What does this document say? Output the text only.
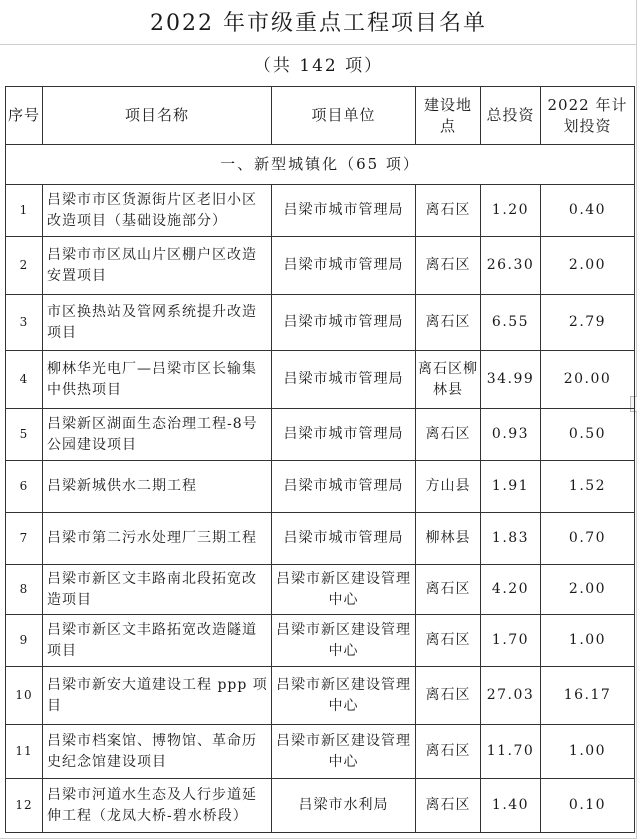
2022 年市级重点工程项目名单
（共 142 项）
序号	项目名称	项目单位	建设地点	总投资	2022 年计划投资
一、新型城镇化（65 项）					
1	吕梁市市区货源街片区老旧小区改造项目（基础设施部分）	吕梁市城市管理局	离石区	1.20	0.40
2	吕梁市市区凤山片区棚户区改造安置项目	吕梁市城市管理局	离石区	26.30	2.00
3	市区换热站及管网系统提升改造项目	吕梁市城市管理局	离石区	6.55	2.79
4	柳林华光电厂—吕梁市区长输集中供热项目	吕梁市城市管理局	离石区柳林县	34.99	20.00
5	吕梁新区湖面生态治理工程-8号公园建设项目	吕梁市城市管理局	离石区	0.93	0.50
6	吕梁新城供水二期工程	吕梁市城市管理局	方山县	1.91	1.52
7	吕梁市第二污水处理厂三期工程	吕梁市城市管理局	柳林县	1.83	0.70
8	吕梁市新区文丰路南北段拓宽改造项目	吕梁市新区建设管理中心	离石区	4.20	2.00
9	吕梁市新区文丰路拓宽改造隧道项目	吕梁市新区建设管理中心	离石区	1.70	1.00
10	吕梁市新安大道建设工程 ppp 项目	吕梁市新区建设管理中心	离石区	27.03	16.17
11	吕梁市档案馆、博物馆、革命历史纪念馆建设项目	吕梁市新区建设管理中心	离石区	11.70	1.00
12	吕梁市河道水生态及人行步道延伸工程（龙凤大桥-碧水桥段）	吕梁市水利局	离石区	1.40	0.10
